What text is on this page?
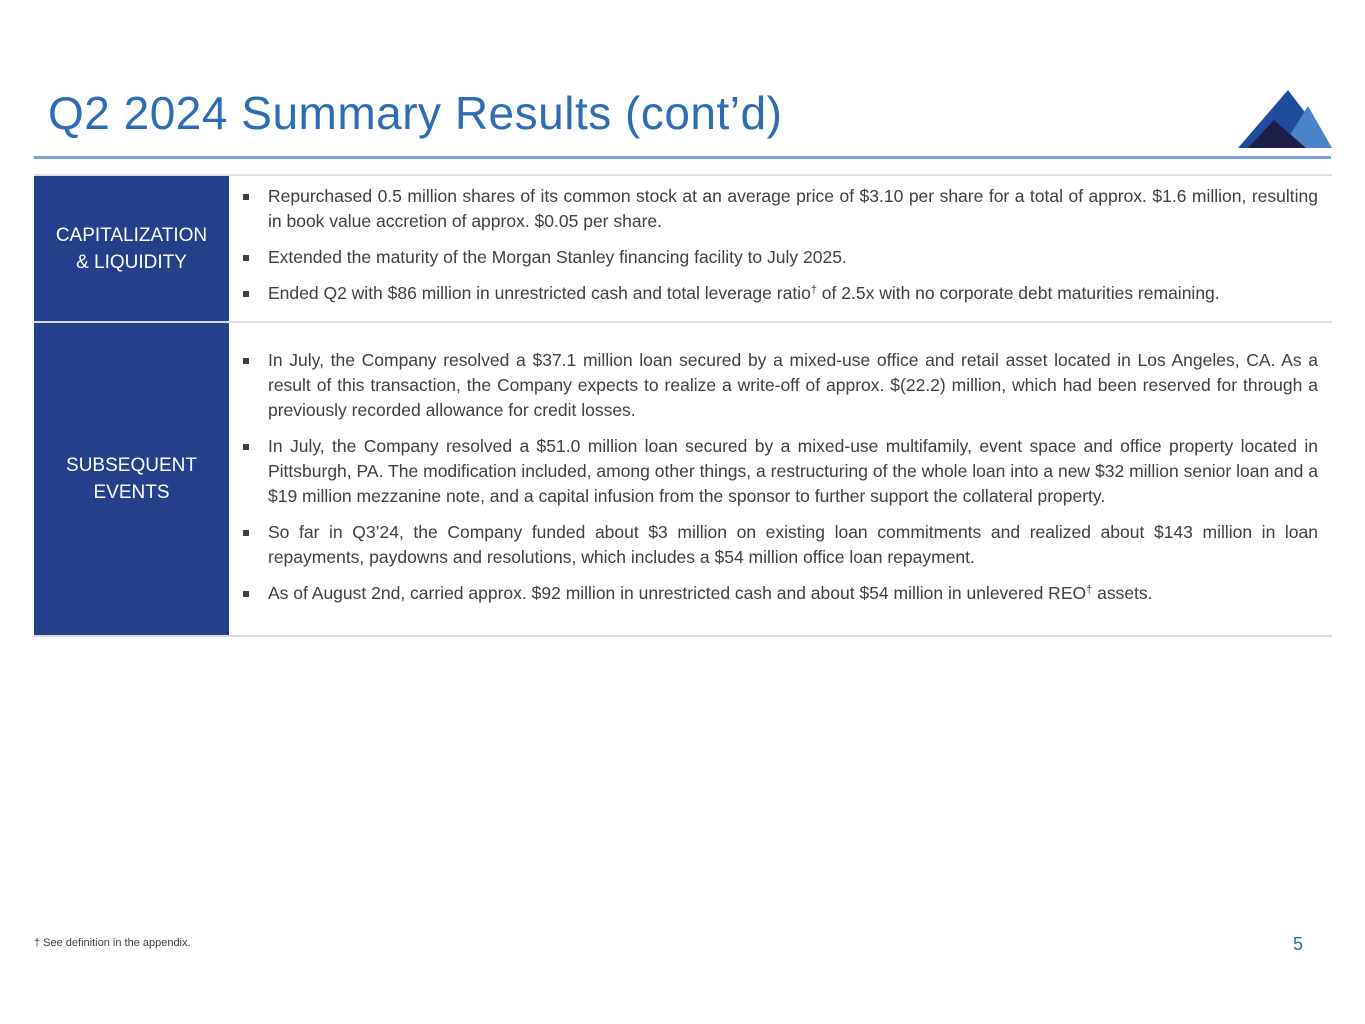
Q2 2024 Summary Results (cont’d)
CAPITALIZATION
& LIQUIDITY
Repurchased 0.5 million shares of its common stock at an average price of $3.10 per share for a total of approx. $1.6 million, resulting in book value accretion of approx. $0.05 per share.
Extended the maturity of the Morgan Stanley financing facility to July 2025.
Ended Q2 with $86 million in unrestricted cash and total leverage ratio† of 2.5x with no corporate debt maturities remaining.
SUBSEQUENT
EVENTS
In July, the Company resolved a $37.1 million loan secured by a mixed-use office and retail asset located in Los Angeles, CA. As a result of this transaction, the Company expects to realize a write-off of approx. $(22.2) million, which had been reserved for through a previously recorded allowance for credit losses.
In July, the Company resolved a $51.0 million loan secured by a mixed-use multifamily, event space and office property located in Pittsburgh, PA. The modification included, among other things, a restructuring of the whole loan into a new $32 million senior loan and a $19 million mezzanine note, and a capital infusion from the sponsor to further support the collateral property.
So far in Q3’24, the Company funded about $3 million on existing loan commitments and realized about $143 million in loan repayments, paydowns and resolutions, which includes a $54 million office loan repayment.
As of August 2nd, carried approx. $92 million in unrestricted cash and about $54 million in unlevered REO† assets.
† See definition in the appendix.	5
